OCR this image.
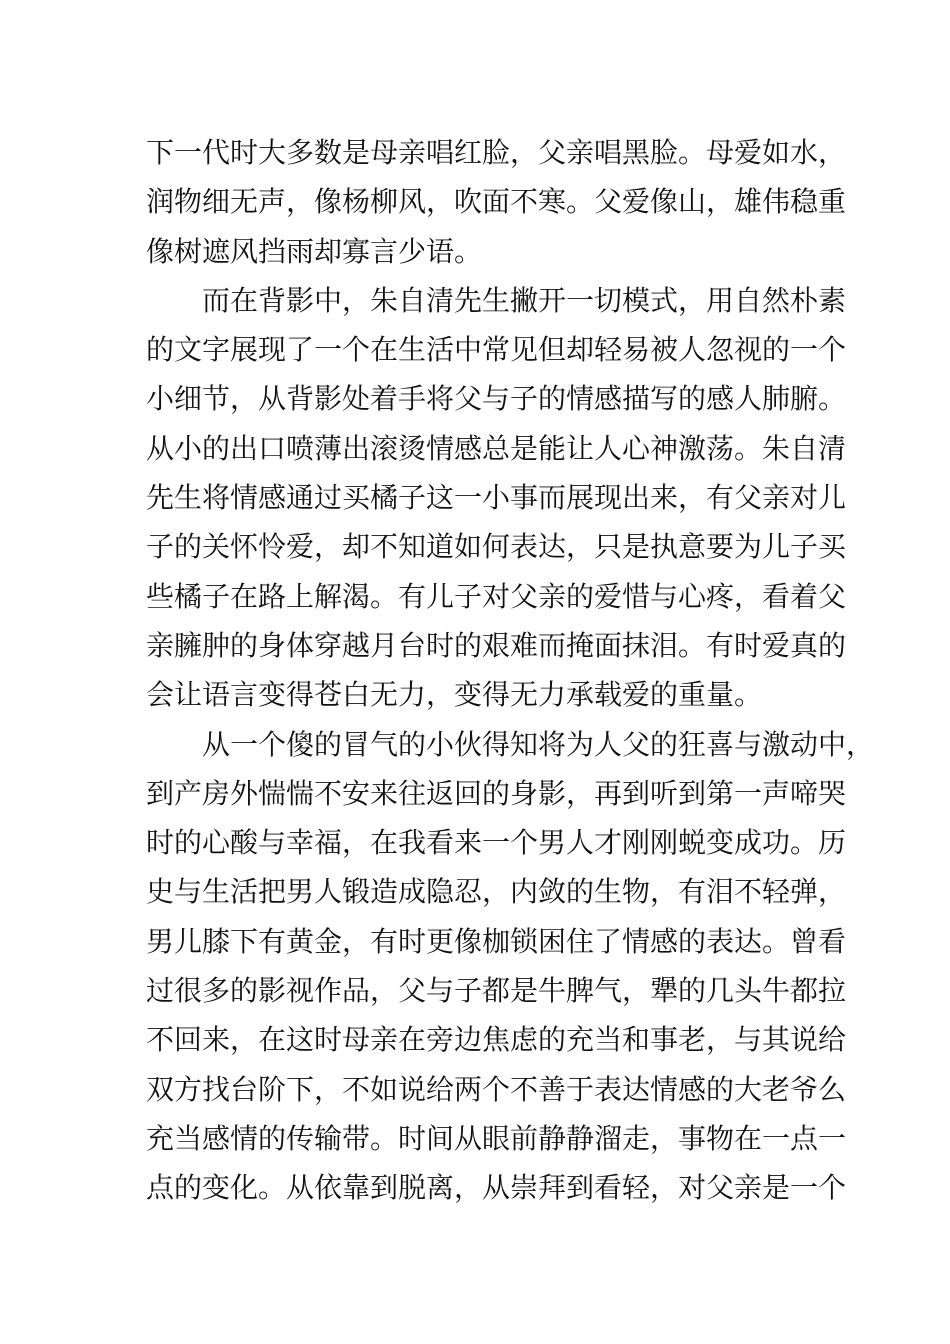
下一代时大多数是母亲唱红脸，父亲唱黑脸。母爱如水，
润物细无声，像杨柳风，吹面不寒。父爱像山，雄伟稳重
像树遮风挡雨却寡言少语。
而在背影中，朱自清先生撇开一切模式，用自然朴素
的文字展现了一个在生活中常见但却轻易被人忽视的一个
小细节，从背影处着手将父与子的情感描写的感人肺腑。
从小的出口喷薄出滚烫情感总是能让人心神激荡。朱自清
先生将情感通过买橘子这一小事而展现出来，有父亲对儿
子的关怀怜爱，却不知道如何表达，只是执意要为儿子买
些橘子在路上解渴。有儿子对父亲的爱惜与心疼，看着父
亲臃肿的身体穿越月台时的艰难而掩面抹泪。有时爱真的
会让语言变得苍白无力，变得无力承载爱的重量。
从一个傻的冒气的小伙得知将为人父的狂喜与激动中，
到产房外惴惴不安来往返回的身影，再到听到第一声啼哭
时的心酸与幸福，在我看来一个男人才刚刚蜕变成功。历
史与生活把男人锻造成隐忍，内敛的生物，有泪不轻弹，
男儿膝下有黄金，有时更像枷锁困住了情感的表达。曾看
过很多的影视作品，父与子都是牛脾气，犟的几头牛都拉
不回来，在这时母亲在旁边焦虑的充当和事老，与其说给
双方找台阶下，不如说给两个不善于表达情感的大老爷么
充当感情的传输带。时间从眼前静静溜走，事物在一点一
点的变化。从依靠到脱离，从崇拜到看轻，对父亲是一个
